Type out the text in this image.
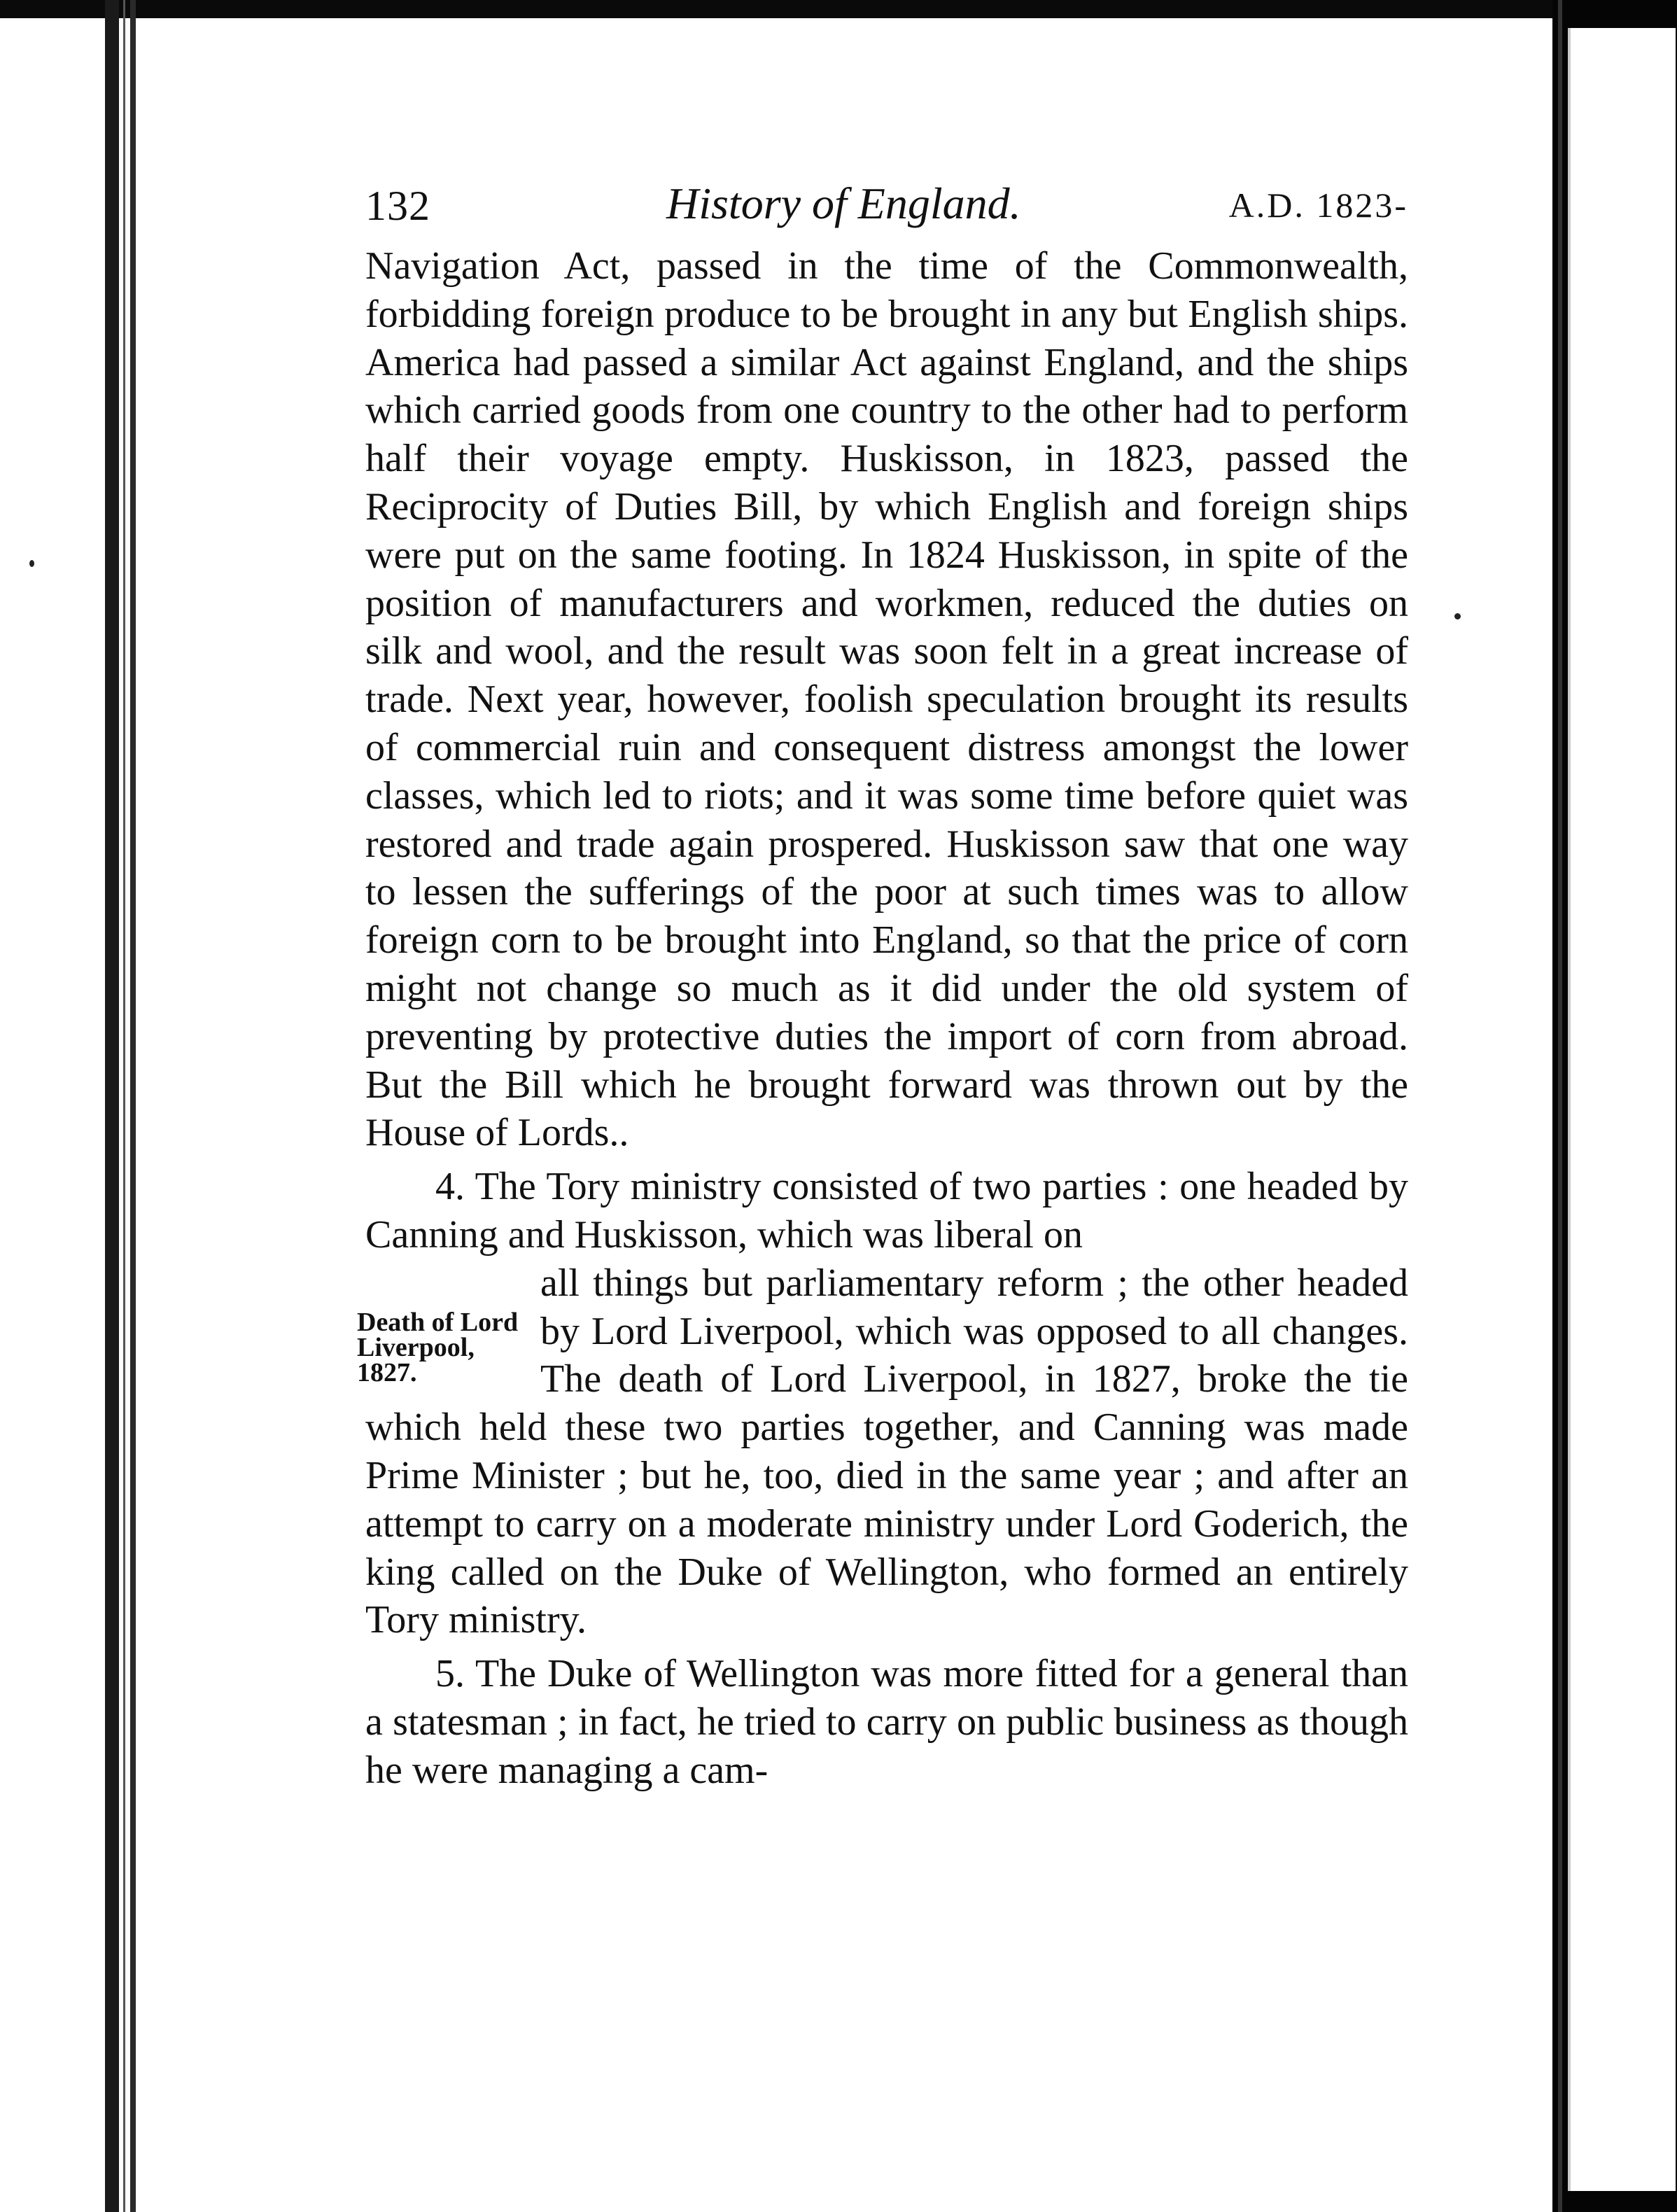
132	History of England.	A.D. 1823-

Navigation Act, passed in the time of the Commonwealth, forbidding foreign produce to be brought in any but English ships. America had passed a similar Act against England, and the ships which carried goods from one country to the other had to perform half their voyage empty. Huskisson, in 1823, passed the Reciprocity of Duties Bill, by which English and foreign ships were put on the same footing. In 1824 Huskisson, in spite of the position of manufacturers and workmen, reduced the duties on silk and wool, and the result was soon felt in a great increase of trade. Next year, however, foolish speculation brought its results of commercial ruin and consequent distress amongst the lower classes, which led to riots; and it was some time before quiet was restored and trade again prospered. Huskisson saw that one way to lessen the sufferings of the poor at such times was to allow foreign corn to be brought into England, so that the price of corn might not change so much as it did under the old system of preventing by protective duties the import of corn from abroad. But the Bill which he brought forward was thrown out by the House of Lords..

4. The Tory ministry consisted of two parties : one headed by Canning and Huskisson, which was liberal on

Death of Lord Liverpool, 1827.

all things but parliamentary reform ; the other headed by Lord Liverpool, which was opposed to all changes. The death of Lord Liverpool, in 1827, broke the tie which held these two parties together, and Canning was made Prime Minister ; but he, too, died in the same year ; and after an attempt to carry on a moderate ministry under Lord Goderich, the king called on the Duke of Wellington, who formed an entirely Tory ministry.

5. The Duke of Wellington was more fitted for a general than a statesman ; in fact, he tried to carry on public business as though he were managing a cam-
